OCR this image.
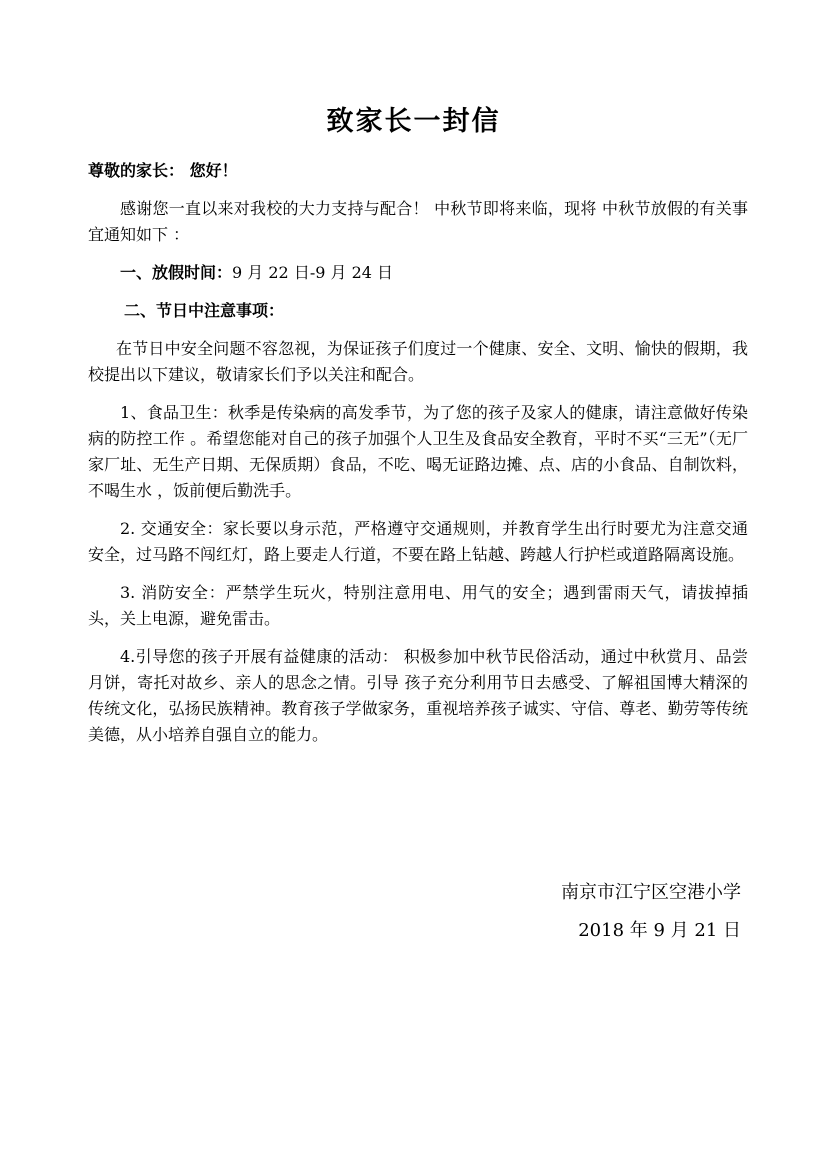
致家长一封信

尊敬的家长： 您好！

感谢您一直以来对我校的大力支持与配合！ 中秋节即将来临，现将 中秋节放假的有关事宜通知如下 ：

一、放假时间：9 月 22 日-9 月 24 日

二、节日中注意事项：

在节日中安全问题不容忽视，为保证孩子们度过一个健康、安全、文明、愉快的假期，我校提出以下建议，敬请家长们予以关注和配合。

1、食品卫生：秋季是传染病的高发季节，为了您的孩子及家人的健康，请注意做好传染病的防控工作 。希望您能对自己的孩子加强个人卫生及食品安全教育，平时不买“三无”（无厂家厂址、无生产日期、无保质期）食品，不吃、喝无证路边摊、点、店的小食品、自制饮料，不喝生水 ，饭前便后勤洗手。

2. 交通安全：家长要以身示范，严格遵守交通规则，并教育学生出行时要尤为注意交通安全，过马路不闯红灯，路上要走人行道，不要在路上钻越、跨越人行护栏或道路隔离设施。

3. 消防安全：严禁学生玩火，特别注意用电、用气的安全；遇到雷雨天气，请拔掉插头，关上电源，避免雷击。

4.引导您的孩子开展有益健康的活动： 积极参加中秋节民俗活动，通过中秋赏月、品尝月饼，寄托对故乡、亲人的思念之情。引导 孩子充分利用节日去感受、了解祖国博大精深的传统文化，弘扬民族精神。教育孩子学做家务，重视培养孩子诚实、守信、尊老、勤劳等传统美德，从小培养自强自立的能力。

南京市江宁区空港小学
2018 年 9 月 21 日
